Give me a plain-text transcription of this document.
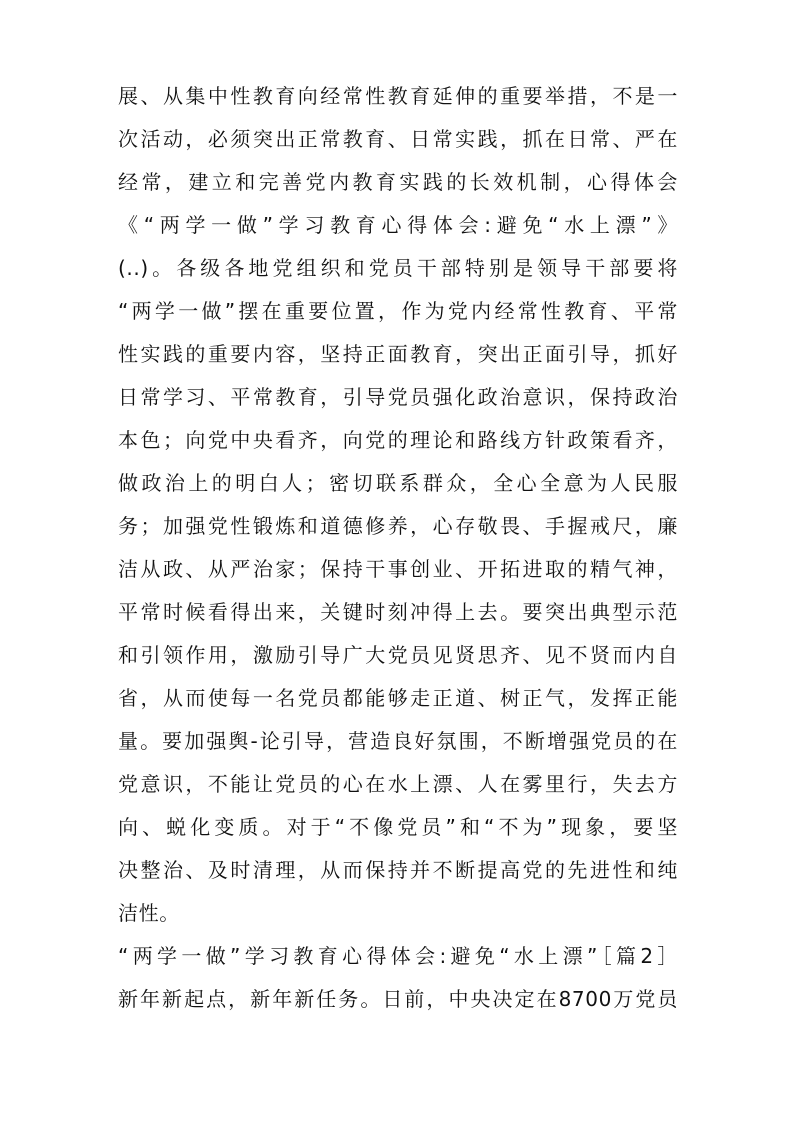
展、从集中性教育向经常性教育延伸的重要举措，不是一
次活动，必须突出正常教育、日常实践，抓在日常、严在
经常，建立和完善党内教育实践的长效机制，心得体会
《“两学一做”学习教育心得体会:避免“水上漂”》
(..)。各级各地党组织和党员干部特别是领导干部要将
“两学一做”摆在重要位置，作为党内经常性教育、平常
性实践的重要内容，坚持正面教育，突出正面引导，抓好
日常学习、平常教育，引导党员强化政治意识，保持政治
本色；向党中央看齐，向党的理论和路线方针政策看齐，
做政治上的明白人；密切联系群众，全心全意为人民服
务；加强党性锻炼和道德修养，心存敬畏、手握戒尺，廉
洁从政、从严治家；保持干事创业、开拓进取的精气神，
平常时候看得出来，关键时刻冲得上去。要突出典型示范
和引领作用，激励引导广大党员见贤思齐、见不贤而内自
省，从而使每一名党员都能够走正道、树正气，发挥正能
量。要加强舆-论引导，营造良好氛围，不断增强党员的在
党意识，不能让党员的心在水上漂、人在雾里行，失去方
向、蜕化变质。对于“不像党员”和“不为”现象，要坚
决整治、及时清理，从而保持并不断提高党的先进性和纯
洁性。
“两学一做”学习教育心得体会:避免“水上漂”［篇2］
新年新起点，新年新任务。日前，中央决定在8700万党员
